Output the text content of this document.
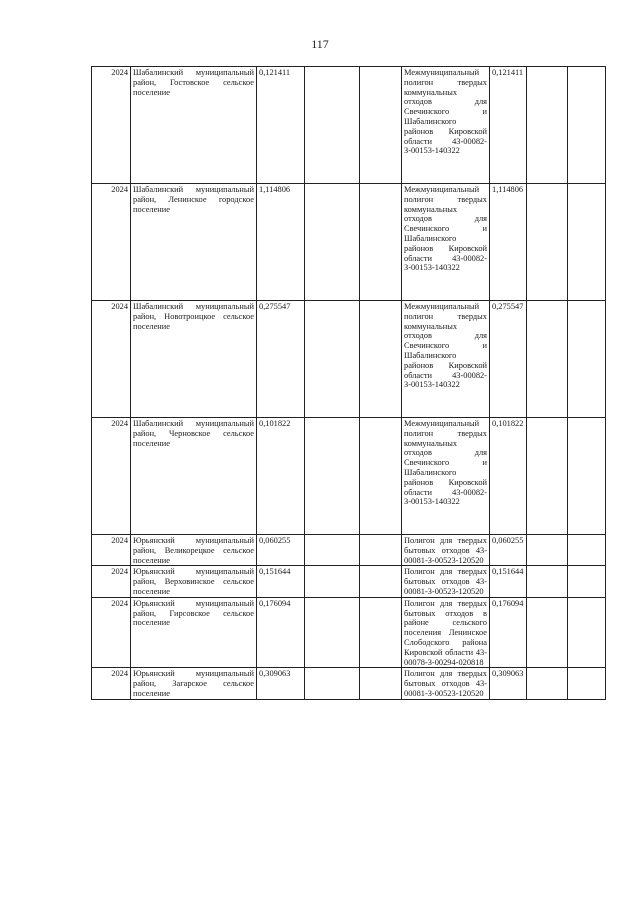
117
2024	Шабалинский муниципальный район, Гостовское сельское поселение	0,121411			Межмуниципальный полигон твердых коммунальных отходов для Свечинского и Шабалинского районов Кировской области 43-00082-З-00153-140322	0,121411		
2024	Шабалинский муниципальный район, Ленинское городское поселение	1,114806			Межмуниципальный полигон твердых коммунальных отходов для Свечинского и Шабалинского районов Кировской области 43-00082-З-00153-140322	1,114806		
2024	Шабалинский муниципальный район, Новотроицкое сельское поселение	0,275547			Межмуниципальный полигон твердых коммунальных отходов для Свечинского и Шабалинского районов Кировской области 43-00082-З-00153-140322	0,275547		
2024	Шабалинский муниципальный район, Черновское сельское поселение	0,101822			Межмуниципальный полигон твердых коммунальных отходов для Свечинского и Шабалинского районов Кировской области 43-00082-З-00153-140322	0,101822		
2024	Юрьянский муниципальный район, Великорецкое сельское поселение	0,060255			Полигон для твердых бытовых отходов 43-00081-З-00523-120520	0,060255		
2024	Юрьянский муниципальный район, Верховинское сельское поселение	0,151644			Полигон для твердых бытовых отходов 43-00081-З-00523-120520	0,151644		
2024	Юрьянский муниципальный район, Гирсовское сельское поселение	0,176094			Полигон для твердых бытовых отходов в районе сельского поселения Ленинское Слободского района Кировской области 43-00078-З-00294-020818	0,176094		
2024	Юрьянский муниципальный район, Загарское сельское поселение	0,309063			Полигон для твердых бытовых отходов 43-00081-З-00523-120520	0,309063		
